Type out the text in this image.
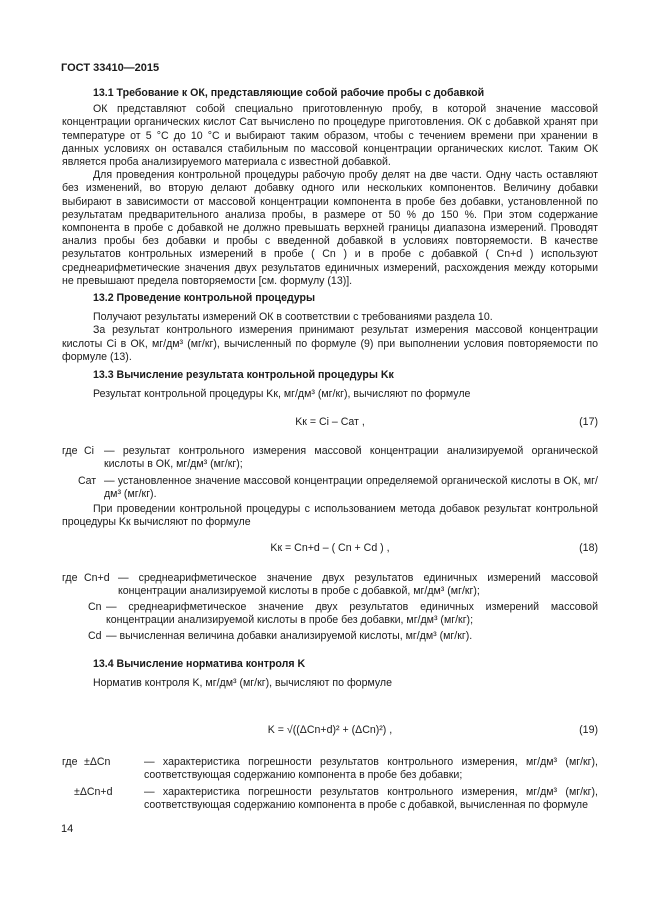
ГОСТ 33410—2015
13.1 Требование к ОК, представляющие собой рабочие пробы с добавкой

ОК представляют собой специально приготовленную пробу, в которой значение массовой концентрации органических кислот Cат вычислено по процедуре приготовления. ОК с добавкой хранят при температуре от 5 °C до 10 °C и выбирают таким образом, чтобы с течением времени при хранении в данных условиях он оставался стабильным по массовой концентрации органических кислот. Таким ОК является проба анализируемого материала с известной добавкой.

Для проведения контрольной процедуры рабочую пробу делят на две части. Одну часть оставляют без изменений, во вторую делают добавку одного или нескольких компонентов. Величину добавки выбирают в зависимости от массовой концентрации компонента в пробе без добавки, установленной по результатам предварительного анализа пробы, в размере от 50 % до 150 %. При этом содержание компонента в пробе с добавкой не должно превышать верхней границы диапазона измерений. Проводят анализ пробы без добавки и пробы с введенной добавкой в условиях повторяемости. В качестве результатов контрольных измерений в пробе ( Cn ) и в пробе с добавкой ( Cn+d ) используют среднеарифметические значения двух результатов единичных измерений, расхождения между которыми не превышают предела повторяемости [см. формулу (13)].

13.2 Проведение контрольной процедуры

Получают результаты измерений ОК в соответствии с требованиями раздела 10.

За результат контрольного измерения принимают результат измерения массовой концентрации кислоты Ci в ОК, мг/дм³ (мг/кг), вычисленный по формуле (9) при выполнении условия повторяемости по формуле (13).

13.3 Вычисление результата контрольной процедуры Kк

Результат контрольной процедуры Kк, мг/дм³ (мг/кг), вычисляют по формуле

Kк = Ci – Cат ,	(17)
где Ci — результат контрольного измерения массовой концентрации анализируемой органической кислоты в ОК, мг/дм³ (мг/кг);
Cат — установленное значение массовой концентрации определяемой органической кислоты в ОК, мг/дм³ (мг/кг).

При проведении контрольной процедуры с использованием метода добавок результат контрольной процедуры Kк вычисляют по формуле

Kк = Cn+d – ( Cn + Cd ) ,	(18)
где Cn+d — среднеарифметическое значение двух результатов единичных измерений массовой концентрации анализируемой кислоты в пробе с добавкой, мг/дм³ (мг/кг);
Cn — среднеарифметическое значение двух результатов единичных измерений массовой концентрации анализируемой кислоты в пробе без добавки, мг/дм³ (мг/кг);
Cd — вычисленная величина добавки анализируемой кислоты, мг/дм³ (мг/кг).
13.4 Вычисление норматива контроля K

Норматив контроля K, мг/дм³ (мг/кг), вычисляют по формуле

K = √((ΔCn+d)² + (ΔCn)²) ,	(19)
где ±ΔCn	— характеристика погрешности результатов контрольного измерения, мг/дм³ (мг/кг), соответствующая содержанию компонента в пробе без добавки;
±ΔCn+d	— характеристика погрешности результатов контрольного измерения, мг/дм³ (мг/кг), соответствующая содержанию компонента в пробе с добавкой, вычисленная по формуле
14
